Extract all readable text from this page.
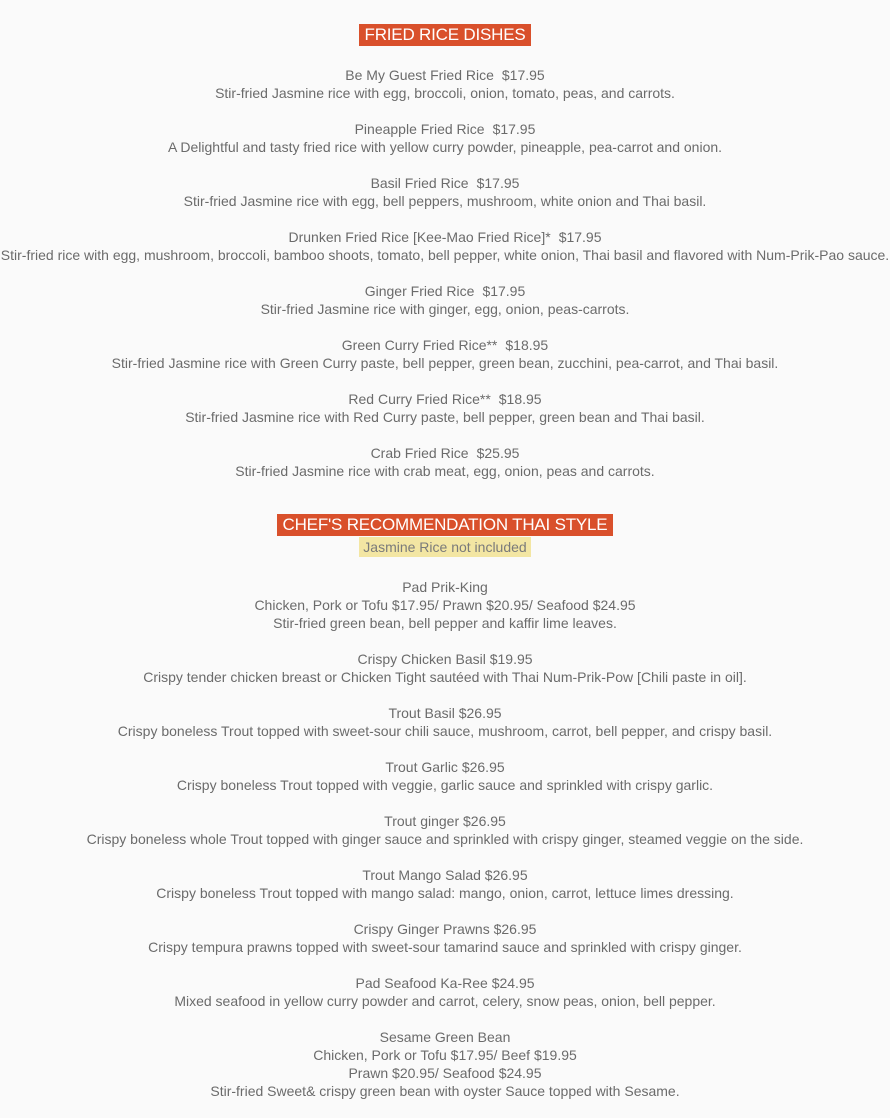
FRIED RICE DISHES
Be My Guest Fried Rice $17.95
Stir-fried Jasmine rice with egg, broccoli, onion, tomato, peas, and carrots.
Pineapple Fried Rice $17.95
A Delightful and tasty fried rice with yellow curry powder, pineapple, pea-carrot and onion.
Basil Fried Rice $17.95
Stir-fried Jasmine rice with egg, bell peppers, mushroom, white onion and Thai basil.
Drunken Fried Rice [Kee-Mao Fried Rice]* $17.95
Stir-fried rice with egg, mushroom, broccoli, bamboo shoots, tomato, bell pepper, white onion, Thai basil and flavored with Num-Prik-Pao sauce.
Ginger Fried Rice $17.95
Stir-fried Jasmine rice with ginger, egg, onion, peas-carrots.
Green Curry Fried Rice** $18.95
Stir-fried Jasmine rice with Green Curry paste, bell pepper, green bean, zucchini, pea-carrot, and Thai basil.
Red Curry Fried Rice** $18.95
Stir-fried Jasmine rice with Red Curry paste, bell pepper, green bean and Thai basil.
Crab Fried Rice $25.95
Stir-fried Jasmine rice with crab meat, egg, onion, peas and carrots.
CHEF'S RECOMMENDATION THAI STYLE
Jasmine Rice not included
Pad Prik-King
Chicken, Pork or Tofu $17.95/ Prawn $20.95/ Seafood $24.95
Stir-fried green bean, bell pepper and kaffir lime leaves.
Crispy Chicken Basil $19.95
Crispy tender chicken breast or Chicken Tight sautéed with Thai Num-Prik-Pow [Chili paste in oil].
Trout Basil $26.95
Crispy boneless Trout topped with sweet-sour chili sauce, mushroom, carrot, bell pepper, and crispy basil.
Trout Garlic $26.95
Crispy boneless Trout topped with veggie, garlic sauce and sprinkled with crispy garlic.
Trout ginger $26.95
Crispy boneless whole Trout topped with ginger sauce and sprinkled with crispy ginger, steamed veggie on the side.
Trout Mango Salad $26.95
Crispy boneless Trout topped with mango salad: mango, onion, carrot, lettuce limes dressing.
Crispy Ginger Prawns $26.95
Crispy tempura prawns topped with sweet-sour tamarind sauce and sprinkled with crispy ginger.
Pad Seafood Ka-Ree $24.95
Mixed seafood in yellow curry powder and carrot, celery, snow peas, onion, bell pepper.
Sesame Green Bean
Chicken, Pork or Tofu $17.95/ Beef $19.95
Prawn $20.95/ Seafood $24.95
Stir-fried Sweet& crispy green bean with oyster Sauce topped with Sesame.
